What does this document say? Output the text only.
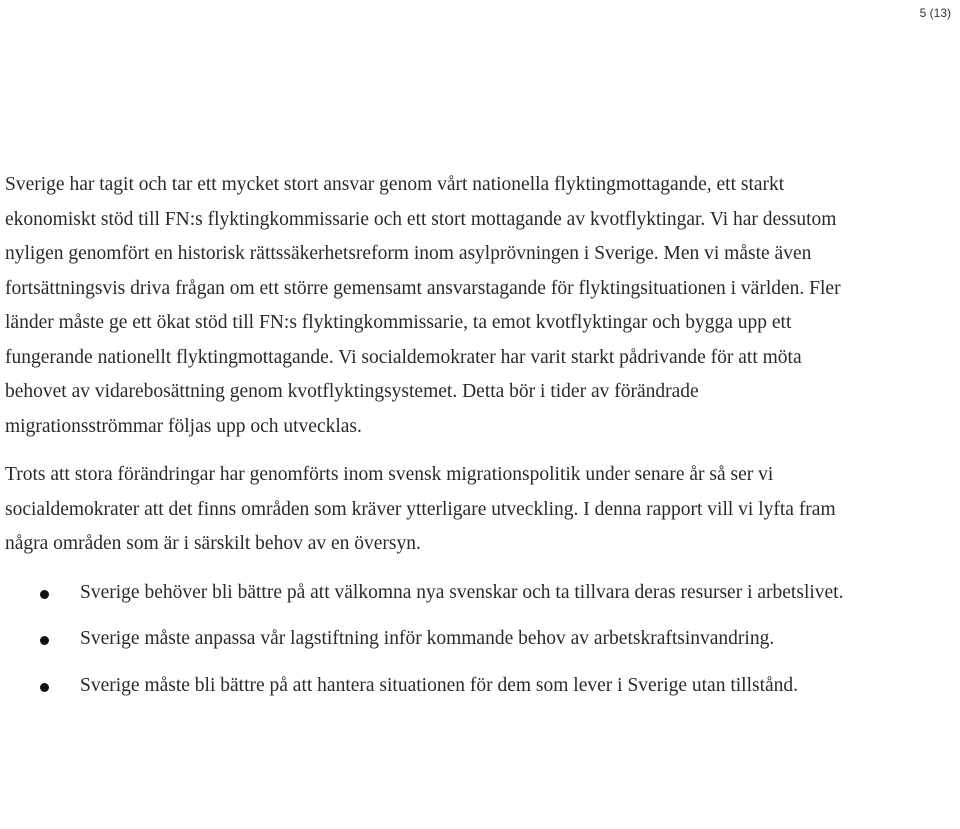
5 (13)

Sverige har tagit och tar ett mycket stort ansvar genom vårt nationella flyktingmottagande, ett starkt ekonomiskt stöd till FN:s flyktingkommissarie och ett stort mottagande av kvotflyktingar. Vi har dessutom nyligen genomfört en historisk rättssäkerhetsreform inom asylprövningen i Sverige. Men vi måste även fortsättningsvis driva frågan om ett större gemensamt ansvarstagande för flyktingsituationen i världen. Fler länder måste ge ett ökat stöd till FN:s flyktingkommissarie, ta emot kvotflyktingar och bygga upp ett fungerande nationellt flyktingmottagande. Vi socialdemokrater har varit starkt pådrivande för att möta behovet av vidarebosättning genom kvotflyktingsystemet. Detta bör i tider av förändrade migrationsströmmar följas upp och utvecklas.

Trots att stora förändringar har genomförts inom svensk migrationspolitik under senare år så ser vi socialdemokrater att det finns områden som kräver ytterligare utveckling. I denna rapport vill vi lyfta fram några områden som är i särskilt behov av en översyn.

Sverige behöver bli bättre på att välkomna nya svenskar och ta tillvara deras resurser i arbetslivet.
Sverige måste anpassa vår lagstiftning inför kommande behov av arbetskraftsinvandring.
Sverige måste bli bättre på att hantera situationen för dem som lever i Sverige utan tillstånd.
